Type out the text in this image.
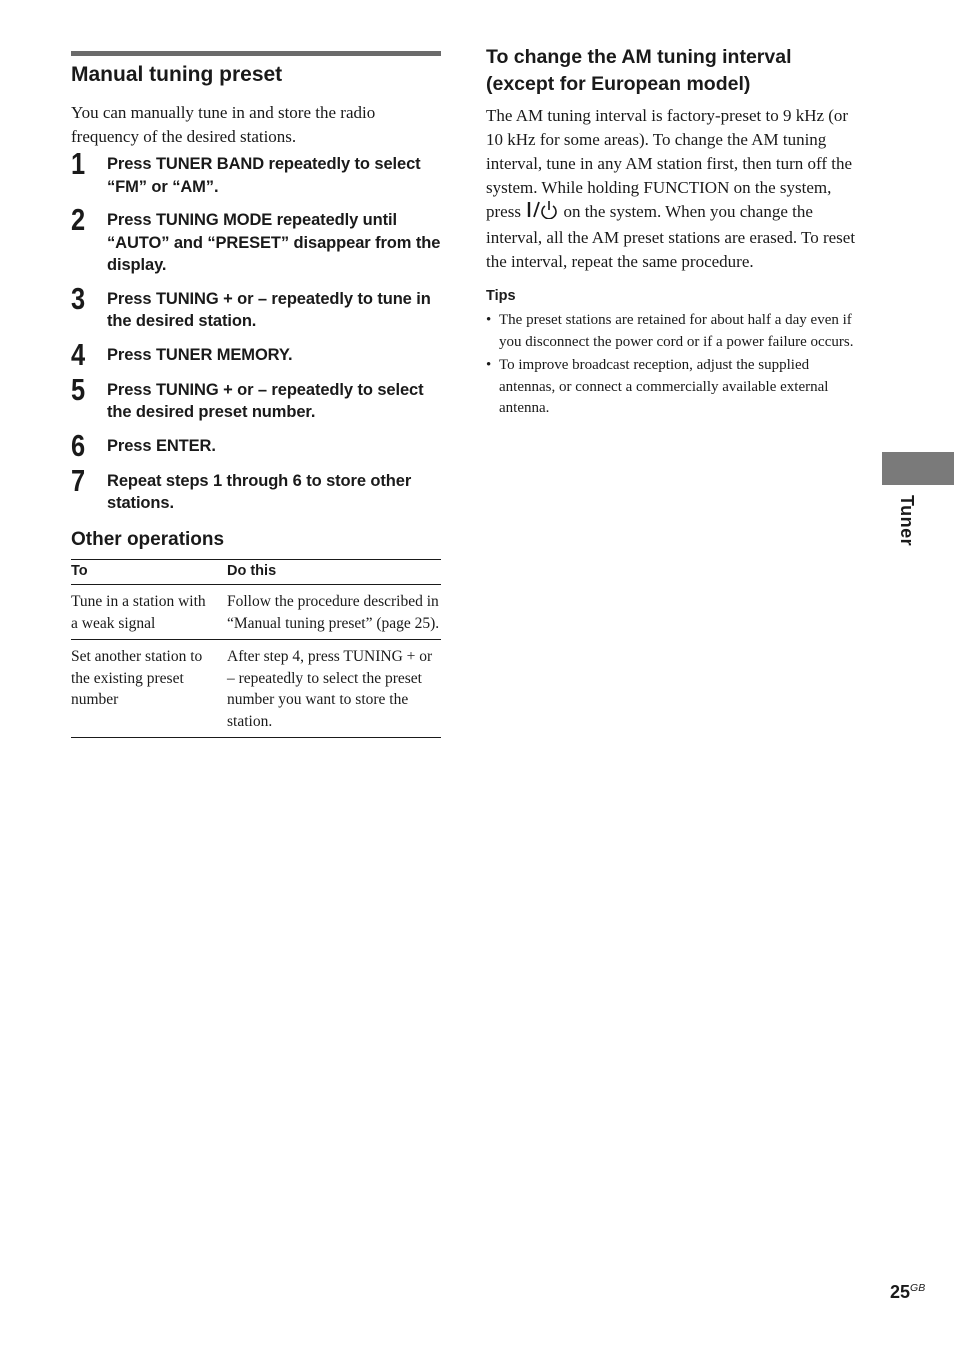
Manual tuning preset

You can manually tune in and store the radio frequency of the desired stations.

1	Press TUNER BAND repeatedly to select “FM” or “AM”.
2	Press TUNING MODE repeatedly until “AUTO” and “PRESET” disappear from the display.
3	Press TUNING + or – repeatedly to tune in the desired station.
4	Press TUNER MEMORY.
5	Press TUNING + or – repeatedly to select the desired preset number.
6	Press ENTER.
7	Repeat steps 1 through 6 to store other stations.
Other operations
To	Do this
Tune in a station with a weak signal	Follow the procedure described in “Manual tuning preset” (page 25).
Set another station to the existing preset number	After step 4, press TUNING + or – repeatedly to select the preset number you want to store the station.
To change the AM tuning interval (except for European model)

The AM tuning interval is factory-preset to 9 kHz (or 10 kHz for some areas). To change the AM tuning interval, tune in any AM station first, then turn off the system. While holding FUNCTION on the system, press  on the system. When you change the interval, all the AM preset stations are erased. To reset the interval, repeat the same procedure.

Tips
• The preset stations are retained for about half a day even if you disconnect the power cord or if a power failure occurs.
• To improve broadcast reception, adjust the supplied antennas, or connect a commercially available external antenna.
Tuner
$25^{GB}$
